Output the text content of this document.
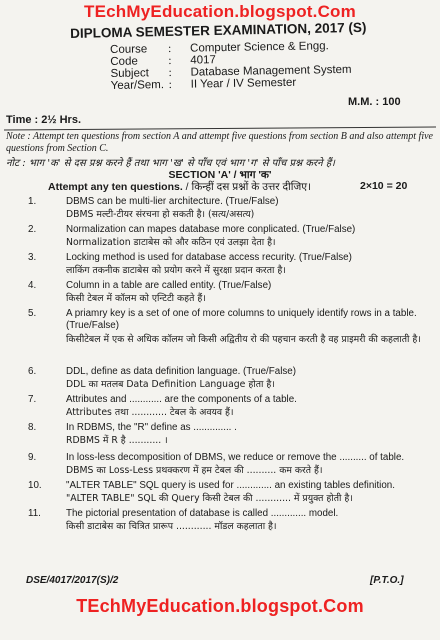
TEchMyEducation.blogspot.Com
DIPLOMA SEMESTER EXAMINATION, 2017 (S)
Course	:	Computer Science & Engg.
Code	:	4017
Subject	:	Database Management System
Year/Sem. :	II Year / IV Semester
M.M. : 100
Time : 2½ Hrs.
Note : Attempt ten questions from section A and attempt five questions from section B and also attempt five questions from Section C.
नोट : भाग 'क' से दस प्रश्न करने हैं तथा भाग 'ख' से पाँच एवं भाग 'ग' से पाँच प्रश्न करने हैं।
SECTION 'A' / भाग 'क'
Attempt any ten questions. / किन्हीं दस प्रश्नों के उत्तर दीजिए।	2×10 = 20
1.	DBMS can be multi-lier architecture. (True/False)
DBMS मल्टी-टीयर संरचना हो सकती है। (सत्य/असत्य)
2.	Normalization can mapes database more conplicated. (True/False)
Normalization डाटाबेस को और कठिन एवं उलझा देता है।
3.	Locking method is used for database access recurity. (True/False)
लाकिंग तकनीक डाटाबेस को प्रयोग करने में सुरक्षा प्रदान करता है।
4.	Column in a table are called entity. (True/False)
किसी टेबल में कॉलम को एन्टिटी कहते हैं।
5.	A priamry key is a set of one of more columns to uniquely identify rows in a table. (True/False)
किसीटेबल में एक से अधिक कॉलम जो किसी अद्वितीय रो की पहचान करती है वह प्राइमरी की कहलाती है।
6.	DDL, define as data definition language. (True/False)
DDL का मतलब Data Definition Language होता है।
7.	Attributes and ............ are the components of a table.
Attributes तथा ............ टेबल के अवयव हैं।
8.	In RDBMS, the "R" define as .............. .
RDBMS में R है ........... ।
9.	In loss-less decomposition of DBMS, we reduce or remove the .......... of table.
DBMS का Loss-Less प्रथक्करण में हम टेबल की .......... कम करते हैं।
10. "ALTER TABLE" SQL query is used for ............. an existing tables definition.
"ALTER TABLE" SQL की Query किसी टेबल की ............ में प्रयुक्त होती है।
11.	The pictorial presentation of database is called ............. model.
किसी डाटाबेस का चित्रित प्रारूप ............ मॉडल कहलाता है।
DSE/4017/2017(S)/2	[P.T.O.]
TEchMyEducation.blogspot.Com
